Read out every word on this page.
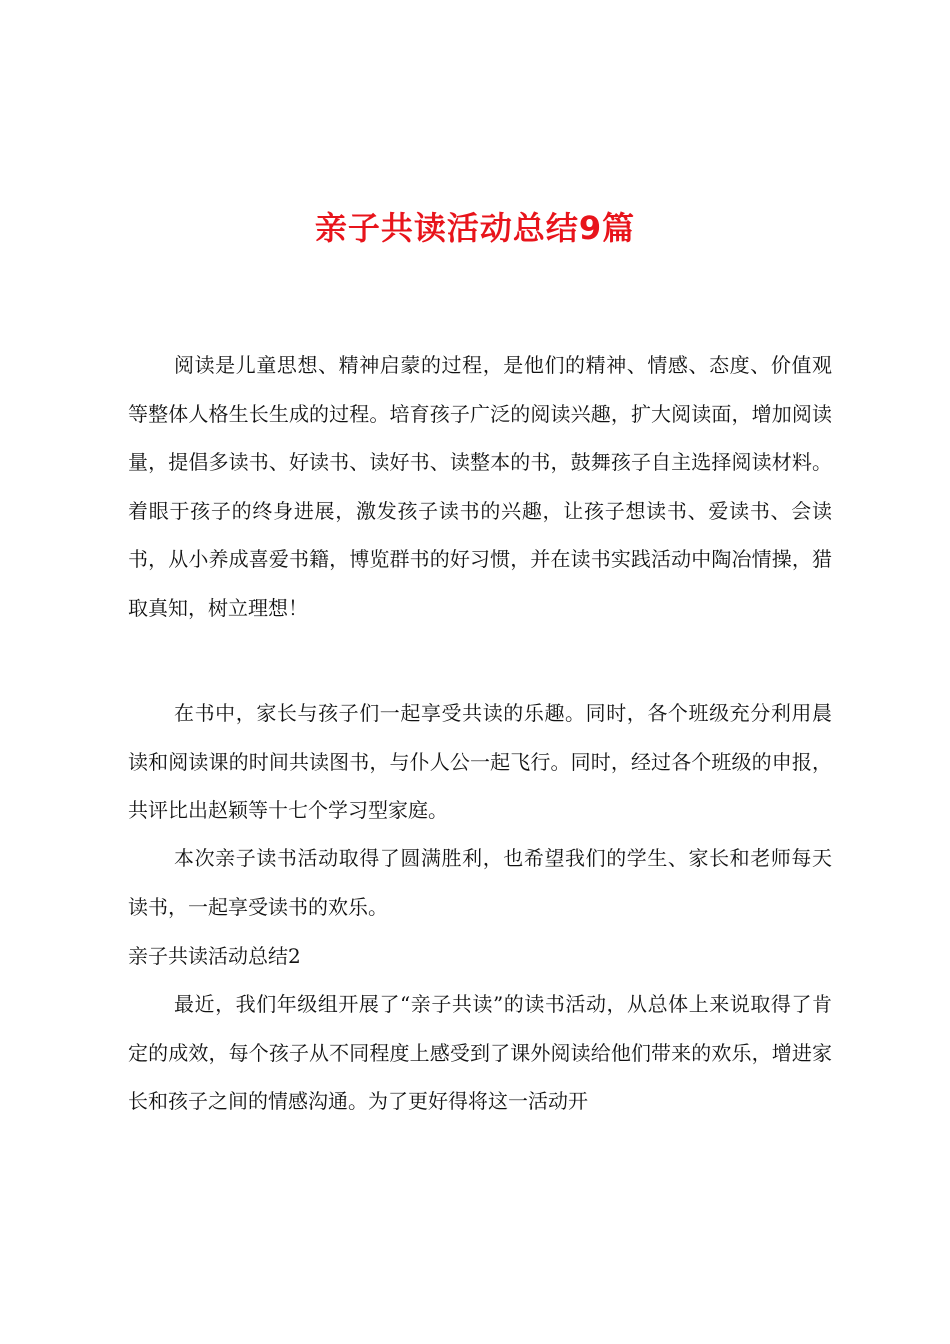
亲子共读活动总结9篇

阅读是儿童思想、精神启蒙的过程，是他们的精神、情感、态度、价值观等整体人格生长生成的过程。培育孩子广泛的阅读兴趣，扩大阅读面，增加阅读量，提倡多读书、好读书、读好书、读整本的书，鼓舞孩子自主选择阅读材料。着眼于孩子的终身进展，激发孩子读书的兴趣，让孩子想读书、爱读书、会读书，从小养成喜爱书籍，博览群书的好习惯，并在读书实践活动中陶冶情操，猎取真知，树立理想！

在书中，家长与孩子们一起享受共读的乐趣。同时，各个班级充分利用晨读和阅读课的时间共读图书，与仆人公一起飞行。同时，经过各个班级的申报，共评比出赵颖等十七个学习型家庭。

本次亲子读书活动取得了圆满胜利，也希望我们的学生、家长和老师每天读书，一起享受读书的欢乐。

亲子共读活动总结2

最近，我们年级组开展了“亲子共读”的读书活动，从总体上来说取得了肯定的成效，每个孩子从不同程度上感受到了课外阅读给他们带来的欢乐，增进家长和孩子之间的情感沟通。为了更好得将这一活动开
